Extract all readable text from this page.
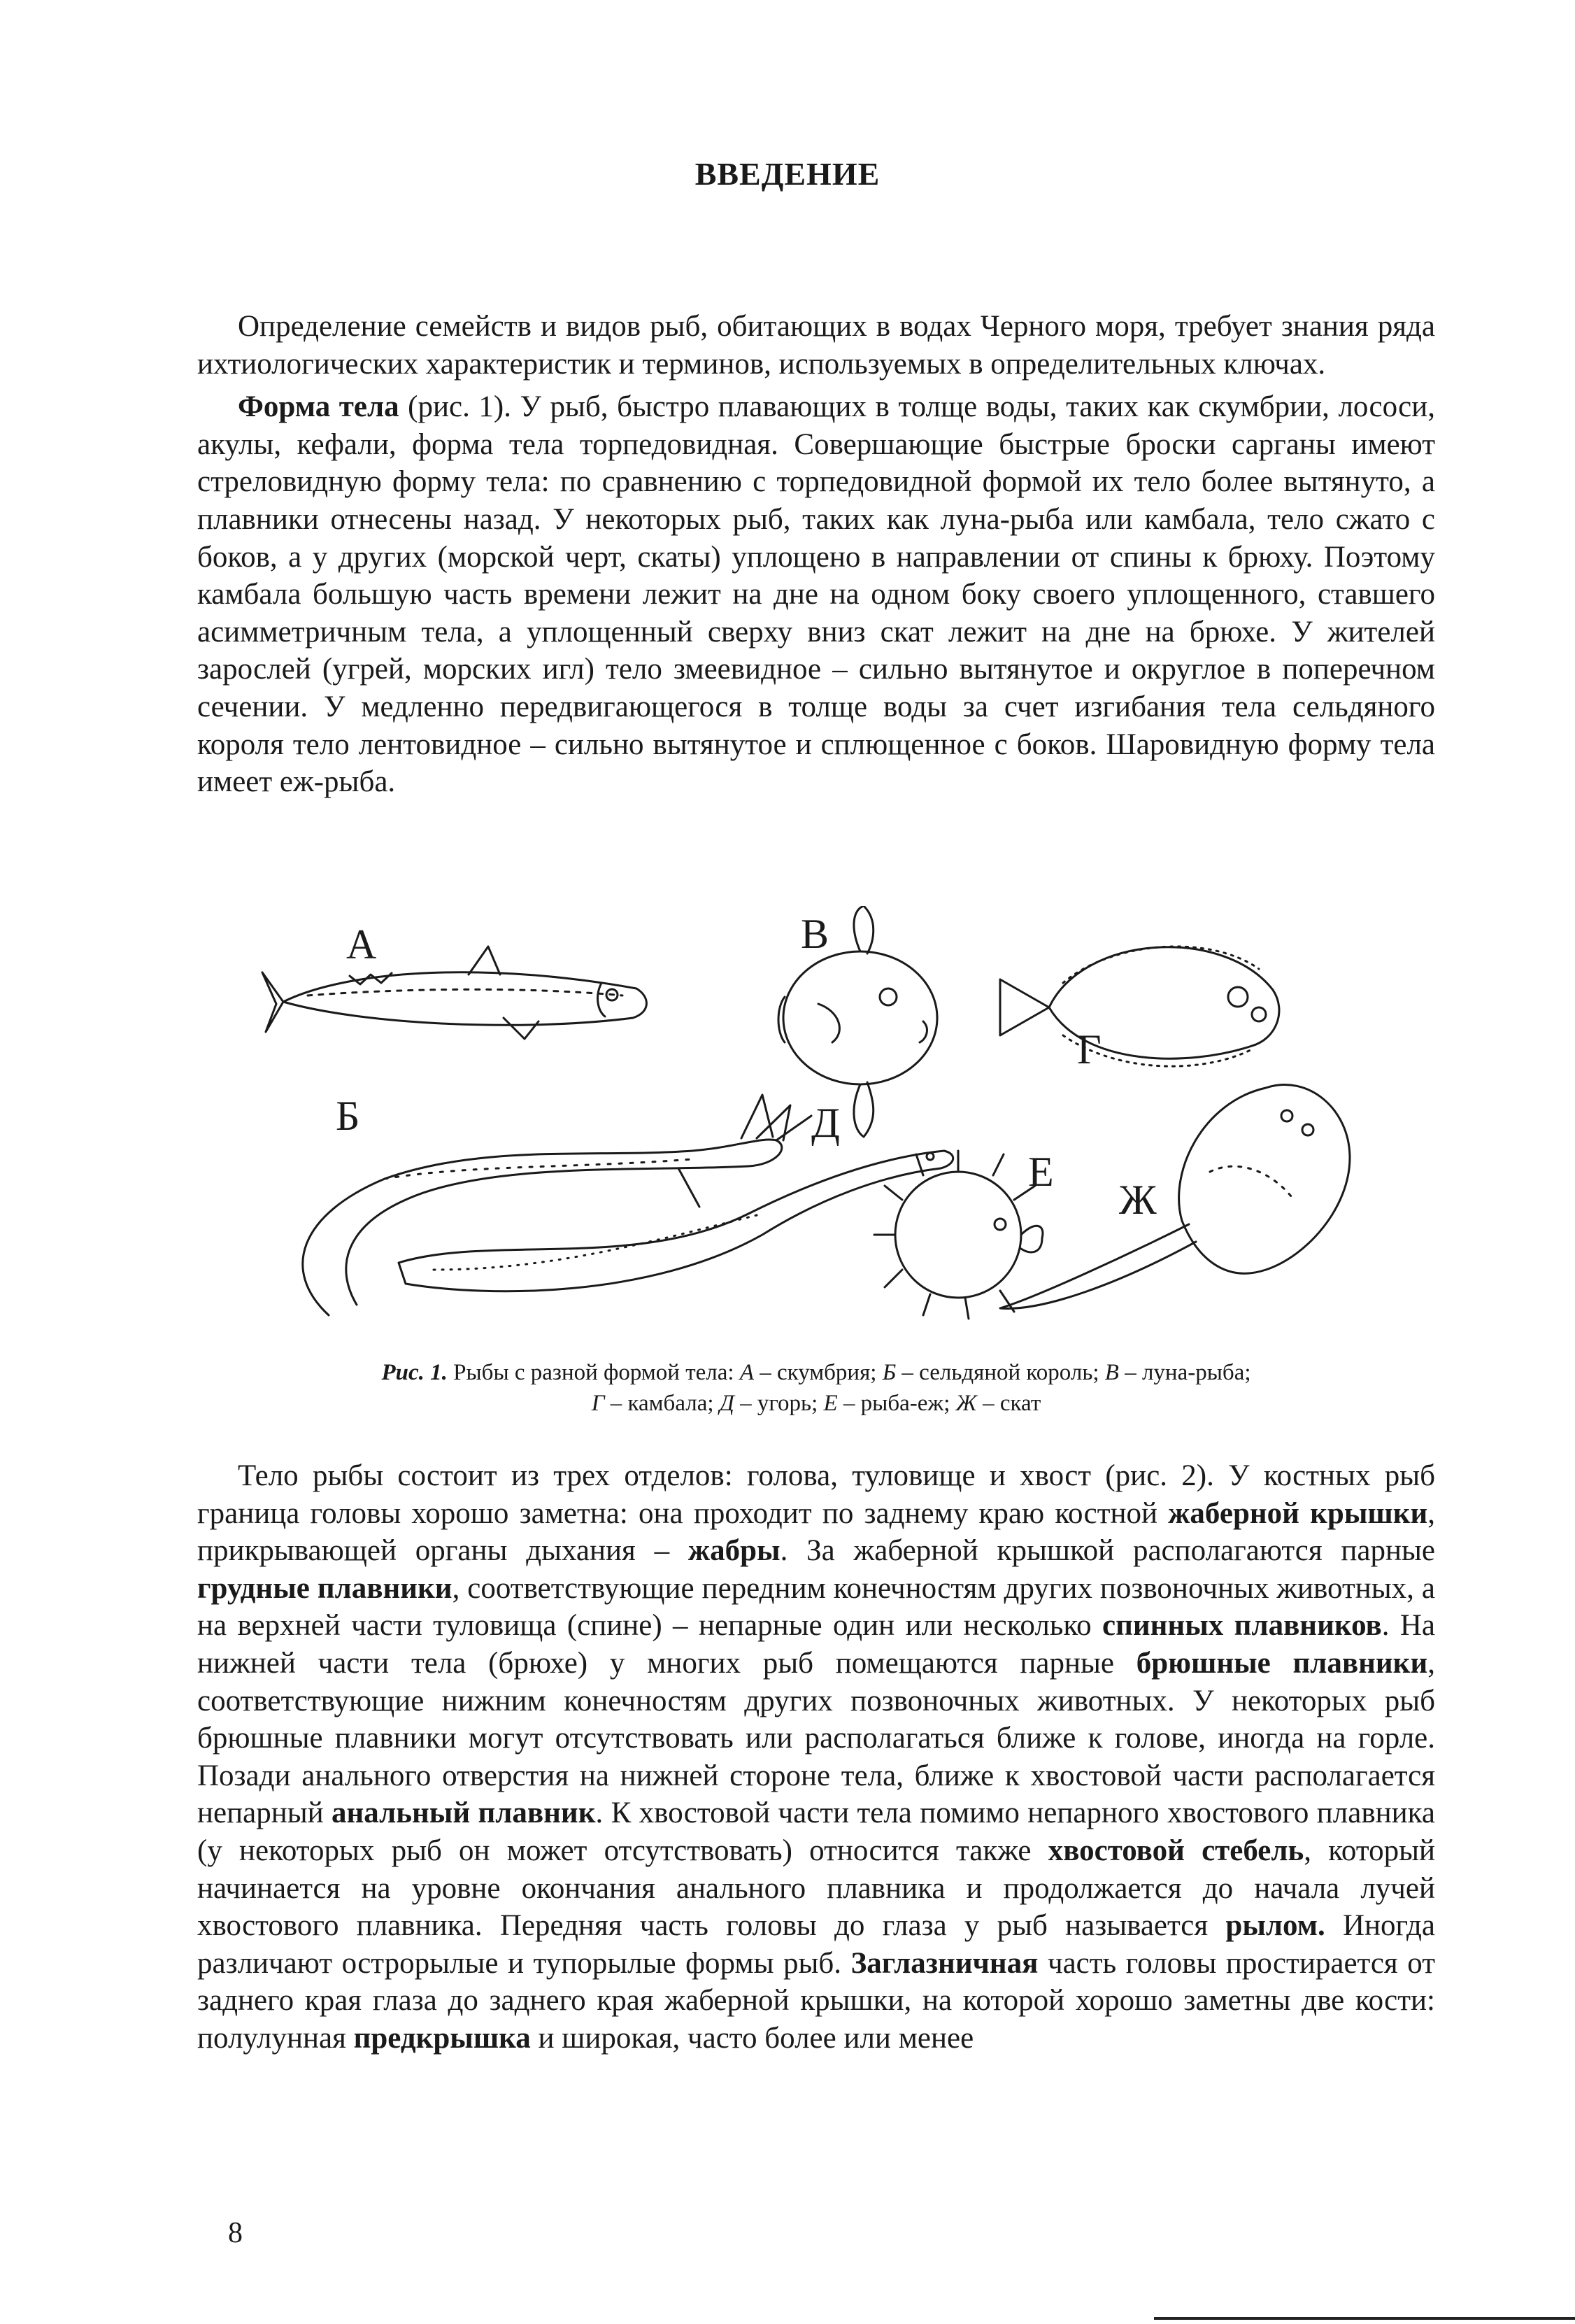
ВВЕДЕНИЕ

Определение семейств и видов рыб, обитающих в водах Черного моря, требует знания ряда ихтиологических характеристик и терминов, используемых в определительных ключах.

Форма тела (рис. 1). У рыб, быстро плавающих в толще воды, таких как скумбрии, лососи, акулы, кефали, форма тела торпедовидная. Совершающие быстрые броски сарганы имеют стреловидную форму тела: по сравнению с торпедовидной формой их тело более вытянуто, а плавники отнесены назад. У некоторых рыб, таких как луна-рыба или камбала, тело сжато с боков, а у других (морской черт, скаты) уплощено в направлении от спины к брюху. Поэтому камбала большую часть времени лежит на дне на одном боку своего уплощенного, ставшего асимметричным тела, а уплощенный сверху вниз скат лежит на дне на брюхе. У жителей зарослей (угрей, морских игл) тело змеевидное – сильно вытянутое и округлое в поперечном сечении. У медленно передвигающегося в толще воды за счет изгибания тела сельдяного короля тело лентовидное – сильно вытянутое и сплющенное с боков. Шаровидную форму тела имеет еж-рыба.

А
Б
В
Г
Д
Е
Ж
Рис. 1. Рыбы с разной формой тела: А – скумбрия; Б – сельдяной король; В – луна-рыба;
Г – камбала; Д – угорь; Е – рыба-еж; Ж – скат

Тело рыбы состоит из трех отделов: голова, туловище и хвост (рис. 2). У костных рыб граница головы хорошо заметна: она проходит по заднему краю костной жаберной крышки, прикрывающей органы дыхания – жабры. За жаберной крышкой располагаются парные грудные плавники, соответствующие передним конечностям других позвоночных животных, а на верхней части туловища (спине) – непарные один или несколько спинных плавников. На нижней части тела (брюхе) у многих рыб помещаются парные брюшные плавники, соответствующие нижним конечностям других позвоночных животных. У некоторых рыб брюшные плавники могут отсутствовать или располагаться ближе к голове, иногда на горле. Позади анального отверстия на нижней стороне тела, ближе к хвостовой части располагается непарный анальный плавник. К хвостовой части тела помимо непарного хвостового плавника (у некоторых рыб он может отсутствовать) относится также хвостовой стебель, который начинается на уровне окончания анального плавника и продолжается до начала лучей хвостового плавника. Передняя часть головы до глаза у рыб называется рылом. Иногда различают острорылые и тупорылые формы рыб. Заглазничная часть головы простирается от заднего края глаза до заднего края жаберной крышки, на которой хорошо заметны две кости: полулунная предкрышка и широкая, часто более или менее

8
